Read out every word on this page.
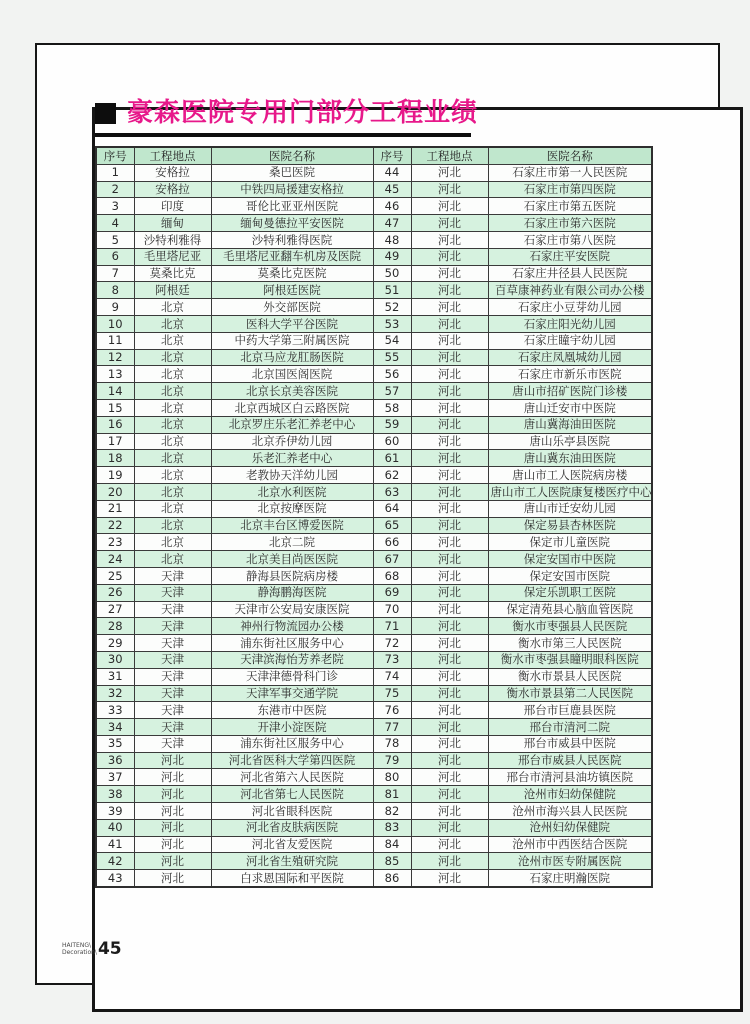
豪森医院专用门部分工程业绩
序号	工程地点	医院名称	序号	工程地点	医院名称
1	安格拉	桑巴医院	44	河北	石家庄市第一人民医院
2	安格拉	中铁四局援建安格拉	45	河北	石家庄市第四医院
3	印度	哥伦比亚亚州医院	46	河北	石家庄市第五医院
4	缅甸	缅甸曼德拉平安医院	47	河北	石家庄市第六医院
5	沙特利雅得	沙特利雅得医院	48	河北	石家庄市第八医院
6	毛里塔尼亚	毛里塔尼亚翻车机房及医院	49	河北	石家庄平安医院
7	莫桑比克	莫桑比克医院	50	河北	石家庄井径县人民医院
8	阿根廷	阿根廷医院	51	河北	百草康神药业有限公司办公楼
9	北京	外交部医院	52	河北	石家庄小豆芽幼儿园
10	北京	医科大学平谷医院	53	河北	石家庄阳光幼儿园
11	北京	中药大学第三附属医院	54	河北	石家庄瞳宇幼儿园
12	北京	北京马应龙肛肠医院	55	河北	石家庄凤凰城幼儿园
13	北京	北京国医阁医院	56	河北	石家庄市新乐市医院
14	北京	北京长京美容医院	57	河北	唐山市招矿医院门诊楼
15	北京	北京西城区白云路医院	58	河北	唐山迁安市中医院
16	北京	北京罗庄乐老汇养老中心	59	河北	唐山冀海油田医院
17	北京	北京乔伊幼儿园	60	河北	唐山乐亭县医院
18	北京	乐老汇养老中心	61	河北	唐山冀东油田医院
19	北京	老教协天洋幼儿园	62	河北	唐山市工人医院病房楼
20	北京	北京水利医院	63	河北	唐山市工人医院康复楼医疗中心
21	北京	北京按摩医院	64	河北	唐山市迁安幼儿园
22	北京	北京丰台区博爱医院	65	河北	保定易县杏林医院
23	北京	北京二院	66	河北	保定市儿童医院
24	北京	北京美目尚医医院	67	河北	保定安国市中医院
25	天津	静海县医院病房楼	68	河北	保定安国市医院
26	天津	静海鹏海医院	69	河北	保定乐凯职工医院
27	天津	天津市公安局安康医院	70	河北	保定清苑县心脑血管医院
28	天津	神州行物流园办公楼	71	河北	衡水市枣强县人民医院
29	天津	浦东街社区服务中心	72	河北	衡水市第三人民医院
30	天津	天津滨海怡芳养老院	73	河北	衡水市枣强县瞳明眼科医院
31	天津	天津津德骨科门诊	74	河北	衡水市景县人民医院
32	天津	天津军事交通学院	75	河北	衡水市景县第二人民医院
33	天津	东港市中医院	76	河北	邢台市巨鹿县医院
34	天津	开津小淀医院	77	河北	邢台市清河二院
35	天津	浦东街社区服务中心	78	河北	邢台市威县中医院
36	河北	河北省医科大学第四医院	79	河北	邢台市威县人民医院
37	河北	河北省第六人民医院	80	河北	邢台市清河县油坊镇医院
38	河北	河北省第七人民医院	81	河北	沧州市妇幼保健院
39	河北	河北省眼科医院	82	河北	沧州市海兴县人民医院
40	河北	河北省皮肤病医院	83	河北	沧州妇幼保健院
41	河北	河北省友爱医院	84	河北	沧州市中西医结合医院
42	河北	河北省生殖研究院	85	河北	沧州市医专附属医院
43	河北	白求恩国际和平医院	86	河北	石家庄明瀚医院
HAITENG\
Decoration\ 45
